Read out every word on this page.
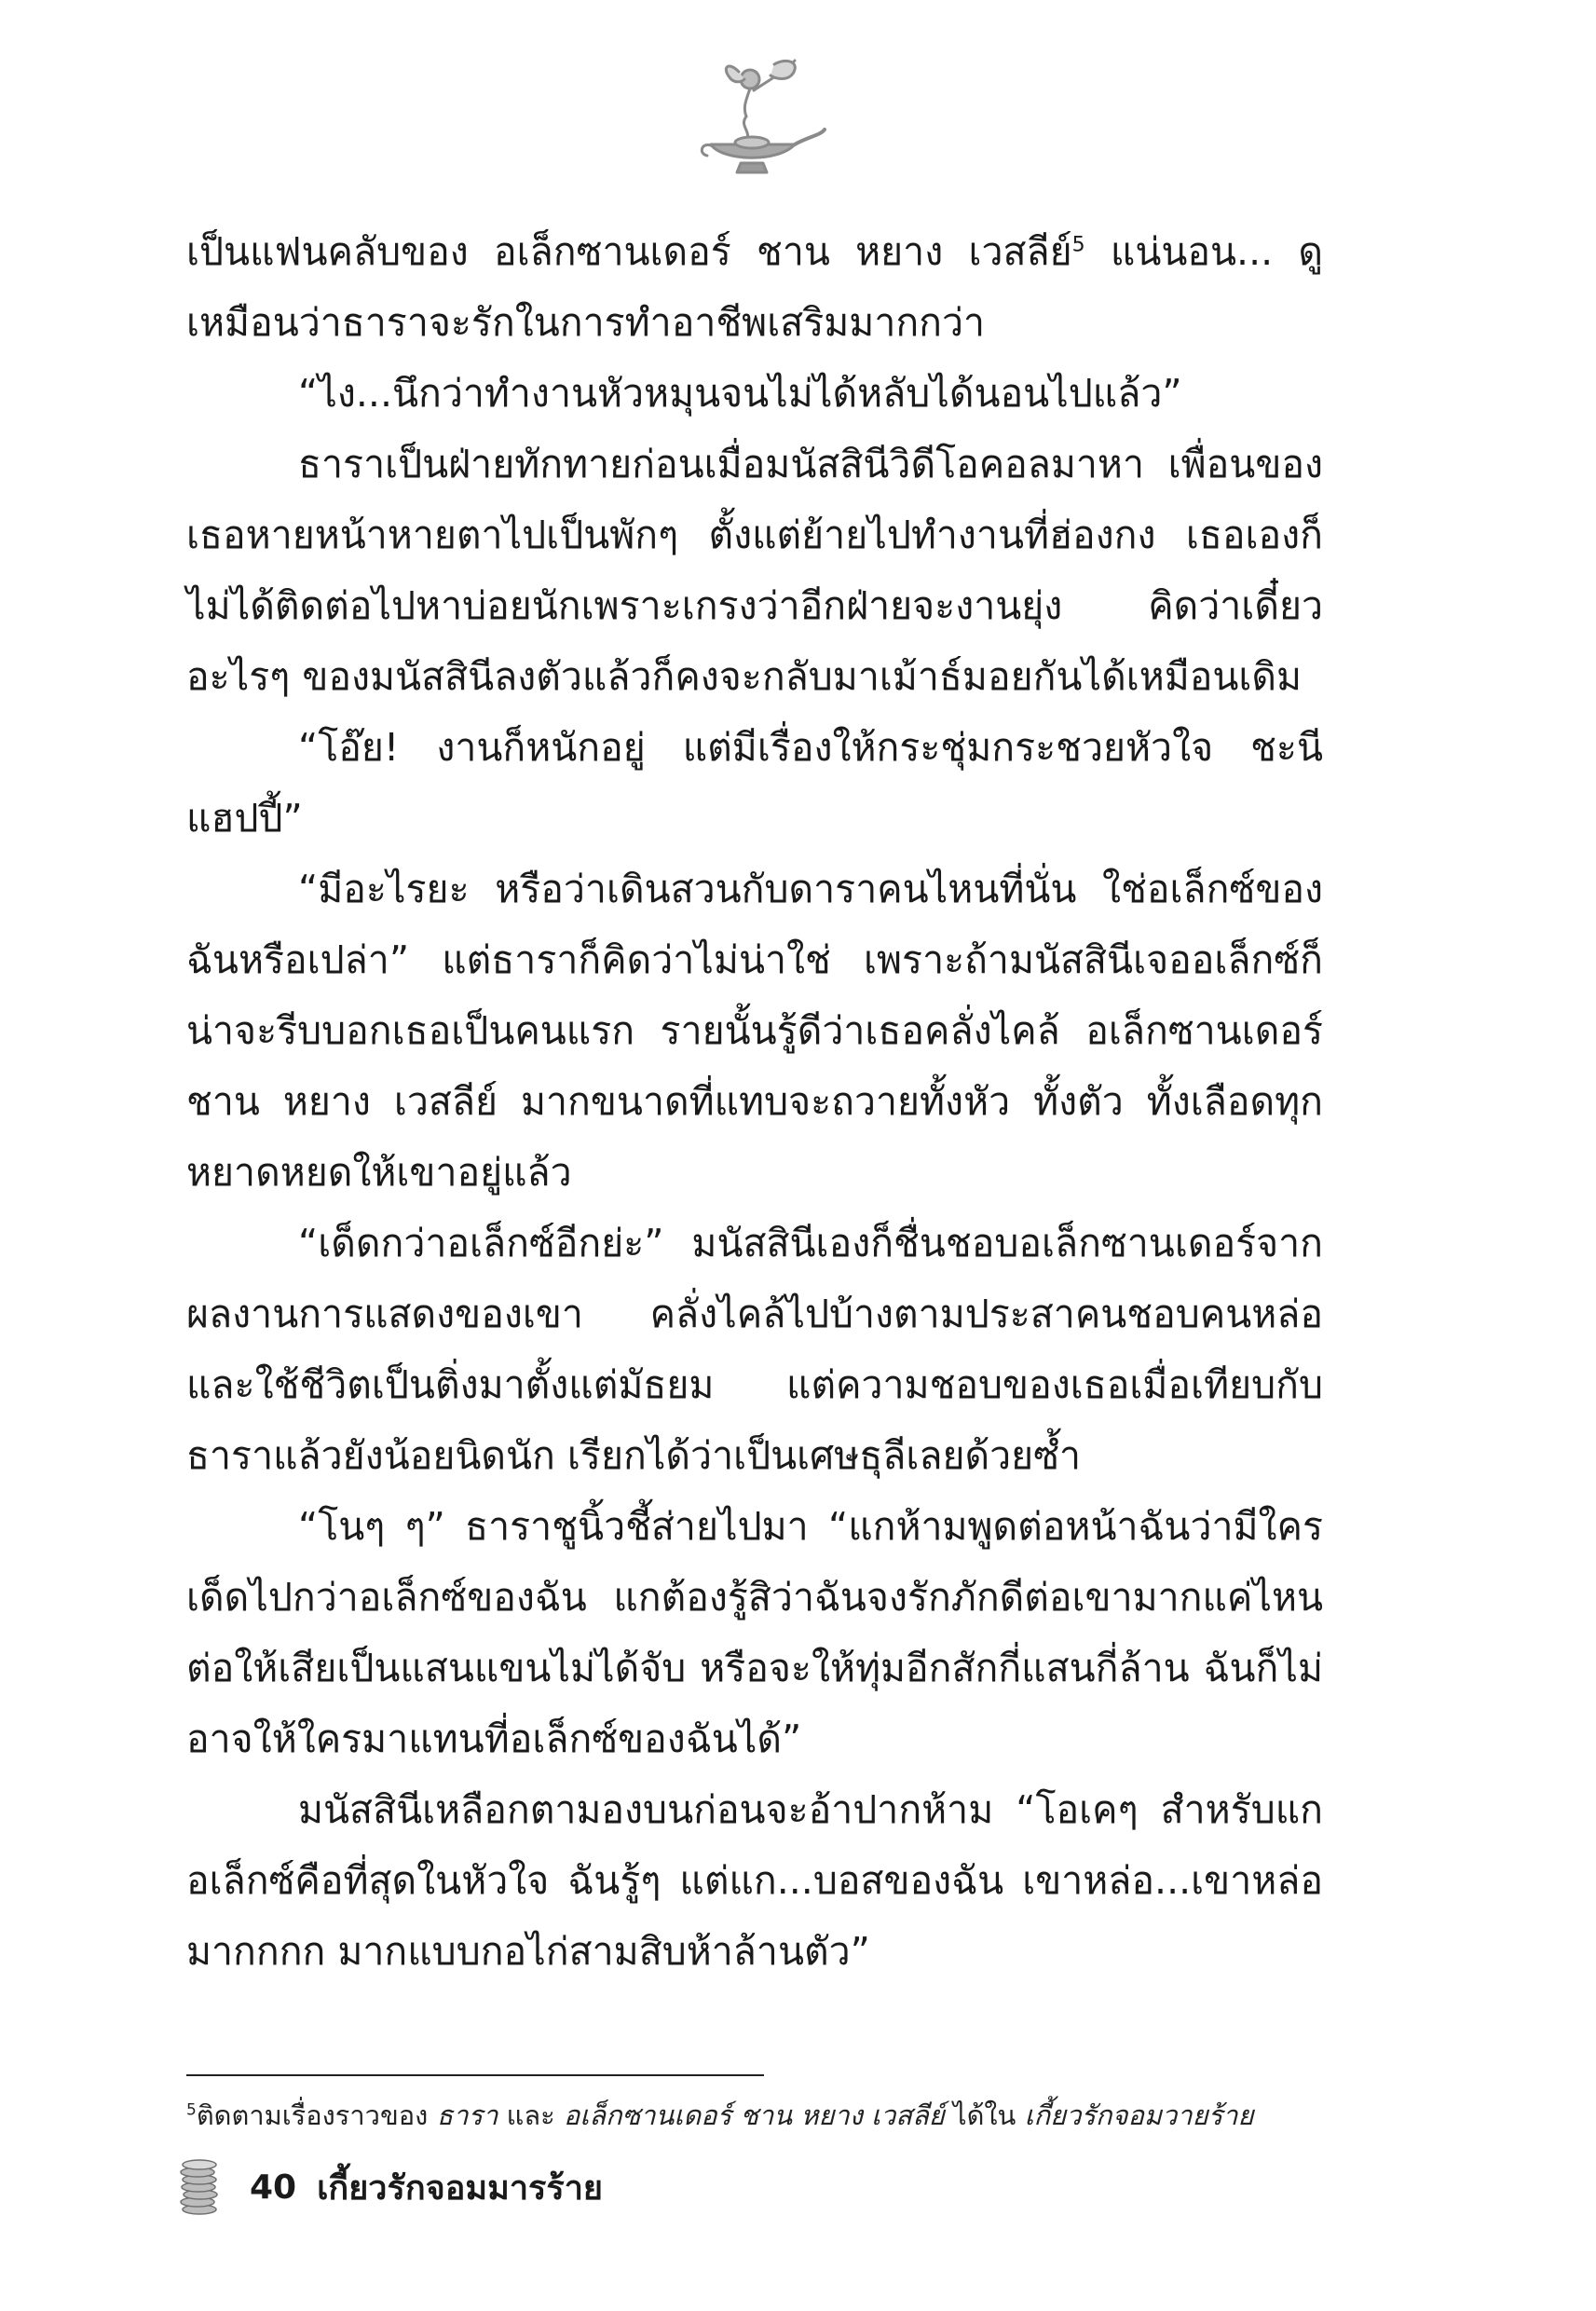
เป็นแฟนคลับของ อเล็กซานเดอร์ ชาน หยาง เวสลีย์$^5$ แน่นอน... ดูเหมือนว่าธาราจะรักในการทำอาชีพเสริมมากกว่า

“ไง...นึกว่าทำงานหัวหมุนจนไม่ได้หลับได้นอนไปแล้ว”

ธาราเป็นฝ่ายทักทายก่อนเมื่อมนัสสินีวิดีโอคอลมาหา เพื่อนของเธอหายหน้าหายตาไปเป็นพักๆ ตั้งแต่ย้ายไปทำงานที่ฮ่องกง เธอเองก็ไม่ได้ติดต่อไปหาบ่อยนักเพราะเกรงว่าอีกฝ่ายจะงานยุ่ง คิดว่าเดี๋ยวอะไรๆ ของมนัสสินีลงตัวแล้วก็คงจะกลับมาเม้าธ์มอยกันได้เหมือนเดิม

“โอ๊ย! งานก็หนักอยู่ แต่มีเรื่องให้กระชุ่มกระชวยหัวใจ ชะนีแฮปปี้”

“มีอะไรยะ หรือว่าเดินสวนกับดาราคนไหนที่นั่น ใช่อเล็กซ์ของฉันหรือเปล่า” แต่ธาราก็คิดว่าไม่น่าใช่ เพราะถ้ามนัสสินีเจออเล็กซ์ก็น่าจะรีบบอกเธอเป็นคนแรก รายนั้นรู้ดีว่าเธอคลั่งไคล้ อเล็กซานเดอร์ ชาน หยาง เวสลีย์ มากขนาดที่แทบจะถวายทั้งหัว ทั้งตัว ทั้งเลือดทุกหยาดหยดให้เขาอยู่แล้ว

“เด็ดกว่าอเล็กซ์อีกย่ะ” มนัสสินีเองก็ชื่นชอบอเล็กซานเดอร์จากผลงานการแสดงของเขา คลั่งไคล้ไปบ้างตามประสาคนชอบคนหล่อและใช้ชีวิตเป็นติ่งมาตั้งแต่มัธยม แต่ความชอบของเธอเมื่อเทียบกับธาราแล้วยังน้อยนิดนัก เรียกได้ว่าเป็นเศษธุลีเลยด้วยซ้ำ

“โนๆ ๆ” ธาราชูนิ้วชี้ส่ายไปมา “แกห้ามพูดต่อหน้าฉันว่ามีใครเด็ดไปกว่าอเล็กซ์ของฉัน แกต้องรู้สิว่าฉันจงรักภักดีต่อเขามากแค่ไหน ต่อให้เสียเป็นแสนแขนไม่ได้จับ หรือจะให้ทุ่มอีกสักกี่แสนกี่ล้าน ฉันก็ไม่อาจให้ใครมาแทนที่อเล็กซ์ของฉันได้”

มนัสสินีเหลือกตามองบนก่อนจะอ้าปากห้าม “โอเคๆ สำหรับแกอเล็กซ์คือที่สุดในหัวใจ ฉันรู้ๆ แต่แก...บอสของฉัน เขาหล่อ...เขาหล่อมากกกก มากแบบกอไก่สามสิบห้าล้านตัว”

$^5$ติดตามเรื่องราวของ ธารา และ อเล็กซานเดอร์ ชาน หยาง เวสลีย์ ได้ใน เกี้ยวรักจอมวายร้าย
40 เกี้ยวรักจอมมารร้าย
